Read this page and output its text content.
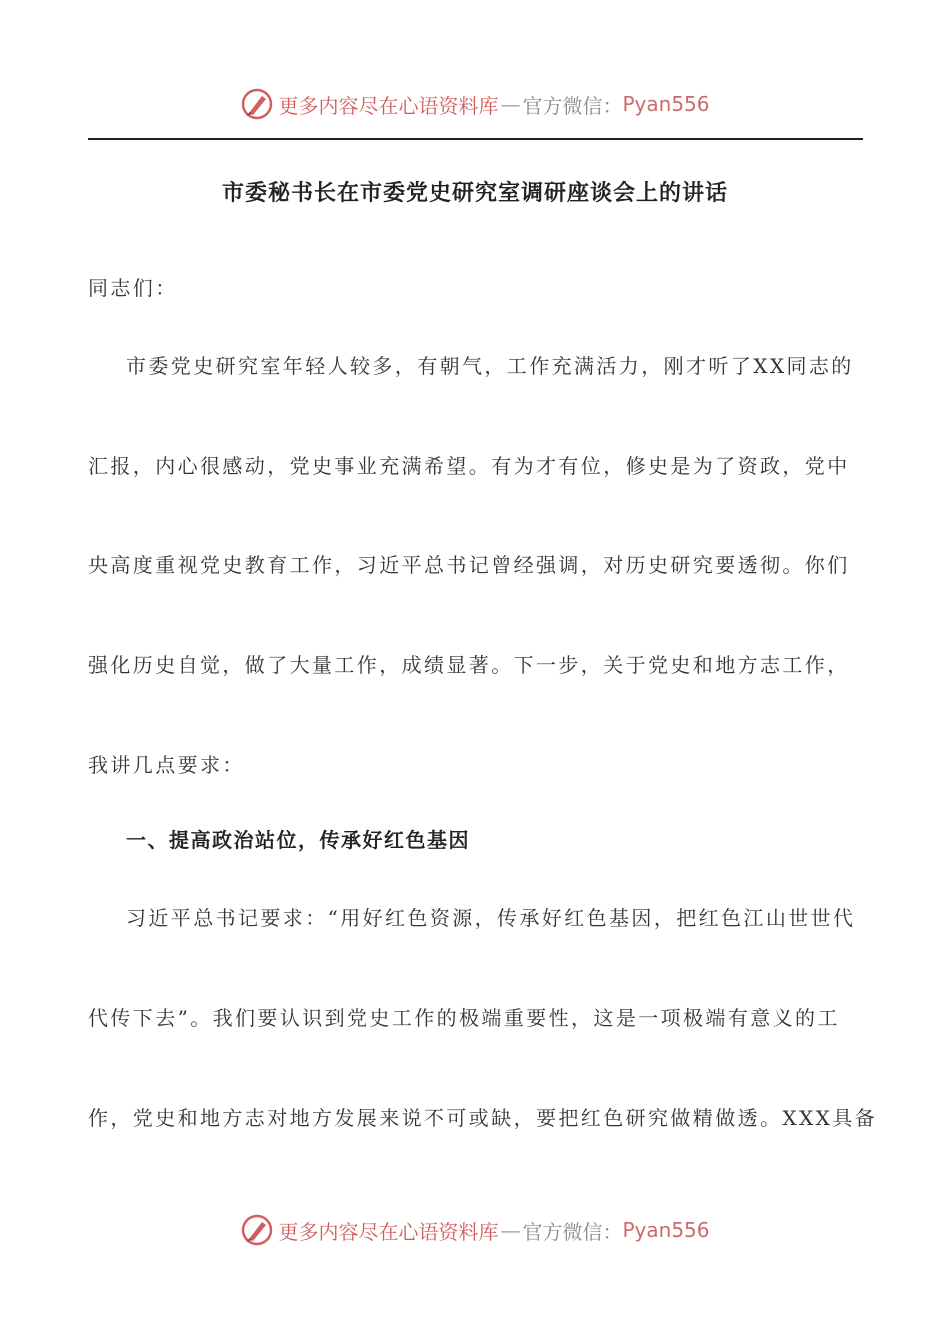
更多内容尽在心语资料库 — 官方微信： Pyan556
市委秘书长在市委党史研究室调研座谈会上的讲话
同志们：
市委党史研究室年轻人较多，有朝气，工作充满活力，刚才听了XX同志的
汇报，内心很感动，党史事业充满希望。有为才有位，修史是为了资政，党中
央高度重视党史教育工作，习近平总书记曾经强调，对历史研究要透彻。你们
强化历史自觉，做了大量工作，成绩显著。下一步，关于党史和地方志工作，
我讲几点要求：
一、提高政治站位，传承好红色基因
习近平总书记要求：“用好红色资源，传承好红色基因，把红色江山世世代
代传下去”。我们要认识到党史工作的极端重要性，这是一项极端有意义的工
作，党史和地方志对地方发展来说不可或缺，要把红色研究做精做透。XXX具备
更多内容尽在心语资料库 — 官方微信： Pyan556
